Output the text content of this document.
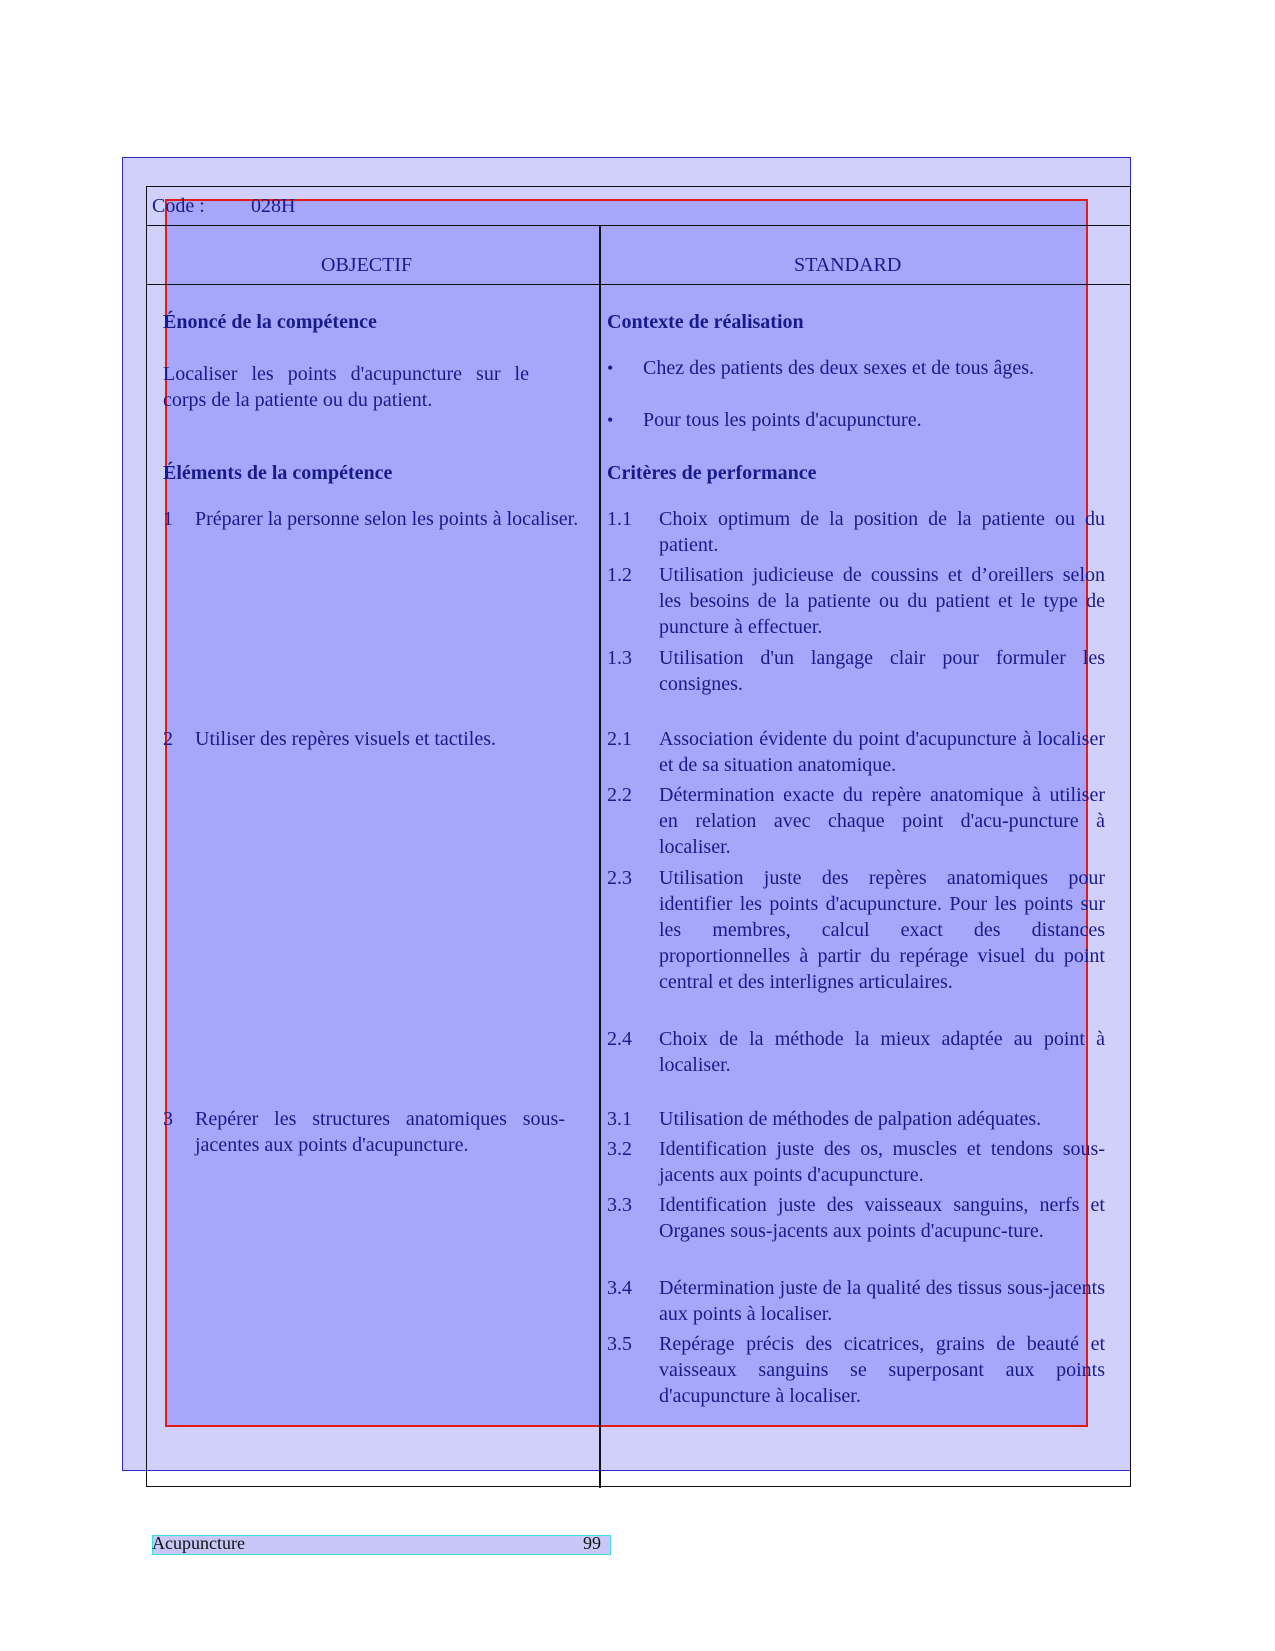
Code : 028H
OBJECTIF	STANDARD
Énoncé de la compétence
Localiser les points d'acupuncture sur le corps de la patiente ou du patient.
Éléments de la compétence
1 Préparer la personne selon les points à localiser.
2 Utiliser des repères visuels et tactiles.
3 Repérer les structures anatomiques sous-jacentes aux points d'acupuncture.
Contexte de réalisation
• Chez des patients des deux sexes et de tous âges.
• Pour tous les points d'acupuncture.
Critères de performance
1.1 Choix optimum de la position de la patiente ou du patient.
1.2 Utilisation judicieuse de coussins et d’oreillers selon les besoins de la patiente ou du patient et le type de puncture à effectuer.
1.3 Utilisation d'un langage clair pour formuler les consignes.
2.1 Association évidente du point d'acupuncture à localiser et de sa situation anatomique.
2.2 Détermination exacte du repère anatomique à utiliser en relation avec chaque point d'acu-puncture à localiser.
2.3 Utilisation juste des repères anatomiques pour identifier les points d'acupuncture. Pour les points sur les membres, calcul exact des distances proportionnelles à partir du repérage visuel du point central et des interlignes articulaires.
2.4 Choix de la méthode la mieux adaptée au point à localiser.
3.1 Utilisation de méthodes de palpation adéquates.
3.2 Identification juste des os, muscles et tendons sous-jacents aux points d'acupuncture.
3.3 Identification juste des vaisseaux sanguins, nerfs et Organes sous-jacents aux points d'acupunc-ture.
3.4 Détermination juste de la qualité des tissus sous-jacents aux points à localiser.
3.5 Repérage précis des cicatrices, grains de beauté et vaisseaux sanguins se superposant aux points d'acupuncture à localiser.
Acupuncture	99
